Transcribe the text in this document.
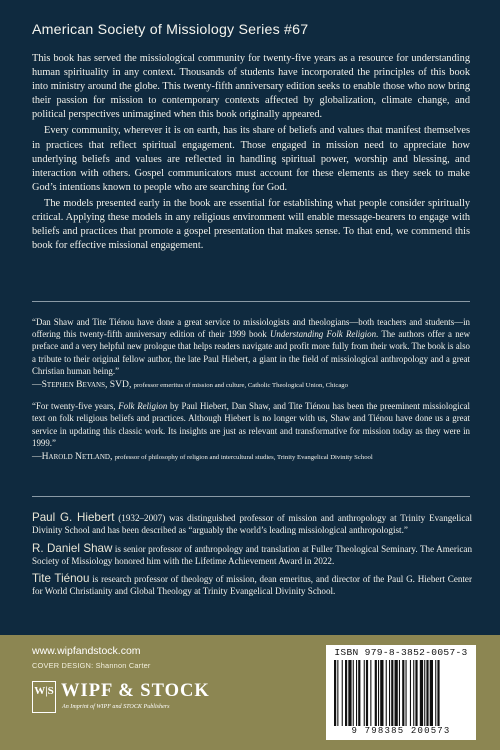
American Society of Missiology Series #67

This book has served the missiological community for twenty-five years as a resource for understanding human spirituality in any context. Thousands of students have incorporated the principles of this book into ministry around the globe. This twenty-fifth anniversary edition seeks to enable those who now bring their passion for mission to contemporary contexts affected by globalization, climate change, and political perspectives unimagined when this book originally appeared.

Every community, wherever it is on earth, has its share of beliefs and values that manifest themselves in practices that reflect spiritual engagement. Those engaged in mission need to appreciate how underlying beliefs and values are reflected in handling spiritual power, worship and blessing, and interaction with others. Gospel communicators must account for these elements as they seek to make God’s intentions known to people who are searching for God.

The models presented early in the book are essential for establishing what people consider spiritually critical. Applying these models in any religious environment will enable message-bearers to engage with beliefs and practices that promote a gospel presentation that makes sense. To that end, we commend this book for effective missional engagement.

“Dan Shaw and Tite Tiénou have done a great service to missiologists and theologians—both teachers and students—in offering this twenty-fifth anniversary edition of their 1999 book Understanding Folk Religion. The authors offer a new preface and a very helpful new prologue that helps readers navigate and profit more fully from their work. The book is also a tribute to their original fellow author, the late Paul Hiebert, a giant in the field of missiological anthropology and a great Christian human being.”
—Stephen Bevans, SVD, professor emeritus of mission and culture, Catholic Theological Union, Chicago
“For twenty-five years, Folk Religion by Paul Hiebert, Dan Shaw, and Tite Tiénou has been the preeminent missiological text on folk religious beliefs and practices. Although Hiebert is no longer with us, Shaw and Tiénou have done us a great service in updating this classic work. Its insights are just as relevant and transformative for mission today as they were in 1999.”
—Harold Netland, professor of philosophy of religion and intercultural studies, Trinity Evangelical Divinity School
Paul G. Hiebert (1932–2007) was distinguished professor of mission and anthropology at Trinity Evangelical Divinity School and has been described as “arguably the world’s leading missiological anthropologist.”
R. Daniel Shaw is senior professor of anthropology and translation at Fuller Theological Seminary. The American Society of Missiology honored him with the Lifetime Achievement Award in 2022.
Tite Tiénou is research professor of theology of mission, dean emeritus, and director of the Paul G. Hiebert Center for World Christianity and Global Theology at Trinity Evangelical Divinity School.
www.wipfandstock.com
COVER DESIGN: Shannon Carter
W|S WIPF & STOCK
An Imprint of WIPF and STOCK Publishers
ISBN 979-8-3852-0057-3
9 798385 200573
